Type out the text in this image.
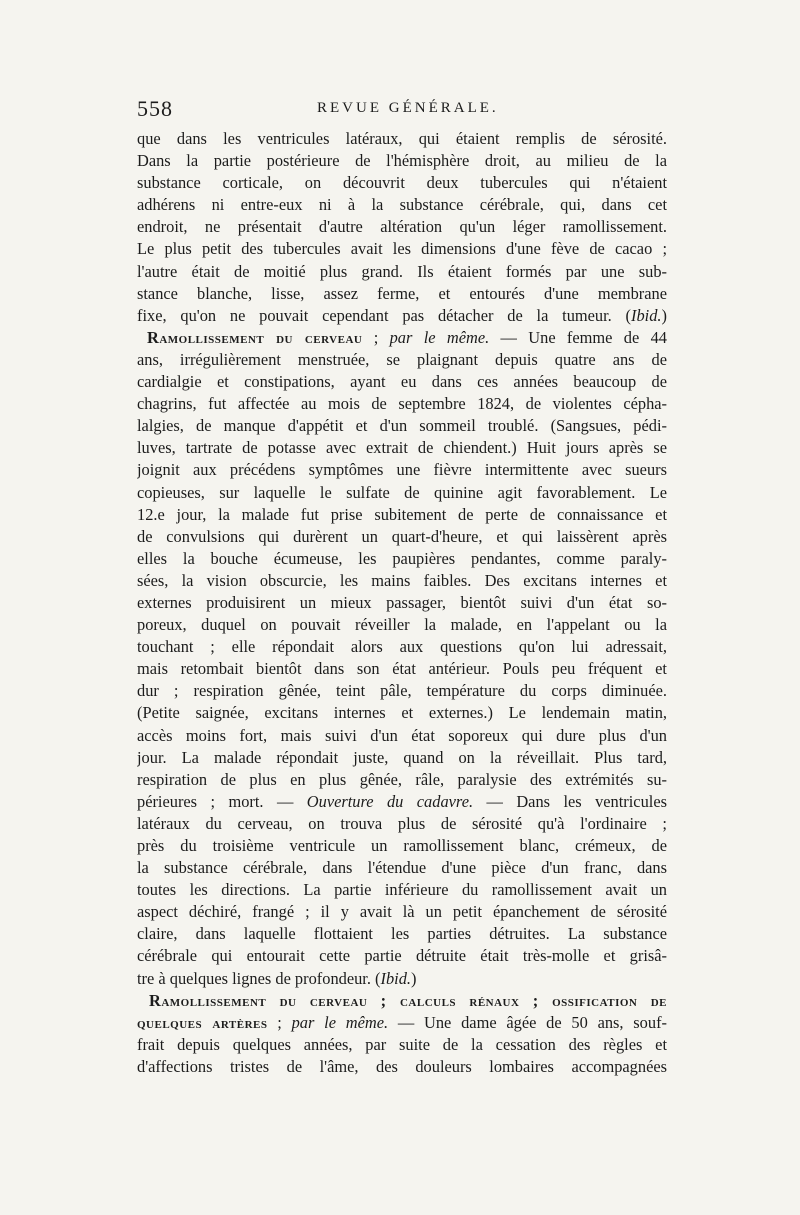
558	REVUE GÉNÉRALE.
que dans les ventricules latéraux, qui étaient remplis de sérosité.
Dans la partie postérieure de l'hémisphère droit, au milieu de la
substance corticale, on découvrit deux tubercules qui n'étaient
adhérens ni entre-eux ni à la substance cérébrale, qui, dans cet
endroit, ne présentait d'autre altération qu'un léger ramollissement.
Le plus petit des tubercules avait les dimensions d'une fève de cacao ;
l'autre était de moitié plus grand. Ils étaient formés par une sub-
stance blanche, lisse, assez ferme, et entourés d'une membrane
fixe, qu'on ne pouvait cependant pas détacher de la tumeur. (Ibid.)
Ramollissement du cerveau ; par le même. — Une femme de 44
ans, irrégulièrement menstruée, se plaignant depuis quatre ans de
cardialgie et constipations, ayant eu dans ces années beaucoup de
chagrins, fut affectée au mois de septembre 1824, de violentes cépha-
lalgies, de manque d'appétit et d'un sommeil troublé. (Sangsues, pédi-
luves, tartrate de potasse avec extrait de chiendent.) Huit jours après se
joignit aux précédens symptômes une fièvre intermittente avec sueurs
copieuses, sur laquelle le sulfate de quinine agit favorablement. Le
12.e jour, la malade fut prise subitement de perte de connaissance et
de convulsions qui durèrent un quart-d'heure, et qui laissèrent après
elles la bouche écumeuse, les paupières pendantes, comme paraly-
sées, la vision obscurcie, les mains faibles. Des excitans internes et
externes produisirent un mieux passager, bientôt suivi d'un état so-
poreux, duquel on pouvait réveiller la malade, en l'appelant ou la
touchant ; elle répondait alors aux questions qu'on lui adressait,
mais retombait bientôt dans son état antérieur. Pouls peu fréquent et
dur ; respiration gênée, teint pâle, température du corps diminuée.
(Petite saignée, excitans internes et externes.) Le lendemain matin,
accès moins fort, mais suivi d'un état soporeux qui dure plus d'un
jour. La malade répondait juste, quand on la réveillait. Plus tard,
respiration de plus en plus gênée, râle, paralysie des extrémités su-
périeures ; mort. — Ouverture du cadavre. — Dans les ventricules
latéraux du cerveau, on trouva plus de sérosité qu'à l'ordinaire ;
près du troisième ventricule un ramollissement blanc, crémeux, de
la substance cérébrale, dans l'étendue d'une pièce d'un franc, dans
toutes les directions. La partie inférieure du ramollissement avait un
aspect déchiré, frangé ; il y avait là un petit épanchement de sérosité
claire, dans laquelle flottaient les parties détruites. La substance
cérébrale qui entourait cette partie détruite était très-molle et grisâ-
tre à quelques lignes de profondeur. (Ibid.)
Ramollissement du cerveau ; calculs rénaux ; ossification de
quelques artères ; par le même. — Une dame âgée de 50 ans, souf-
frait depuis quelques années, par suite de la cessation des règles et
d'affections tristes de l'âme, des douleurs lombaires accompagnées
